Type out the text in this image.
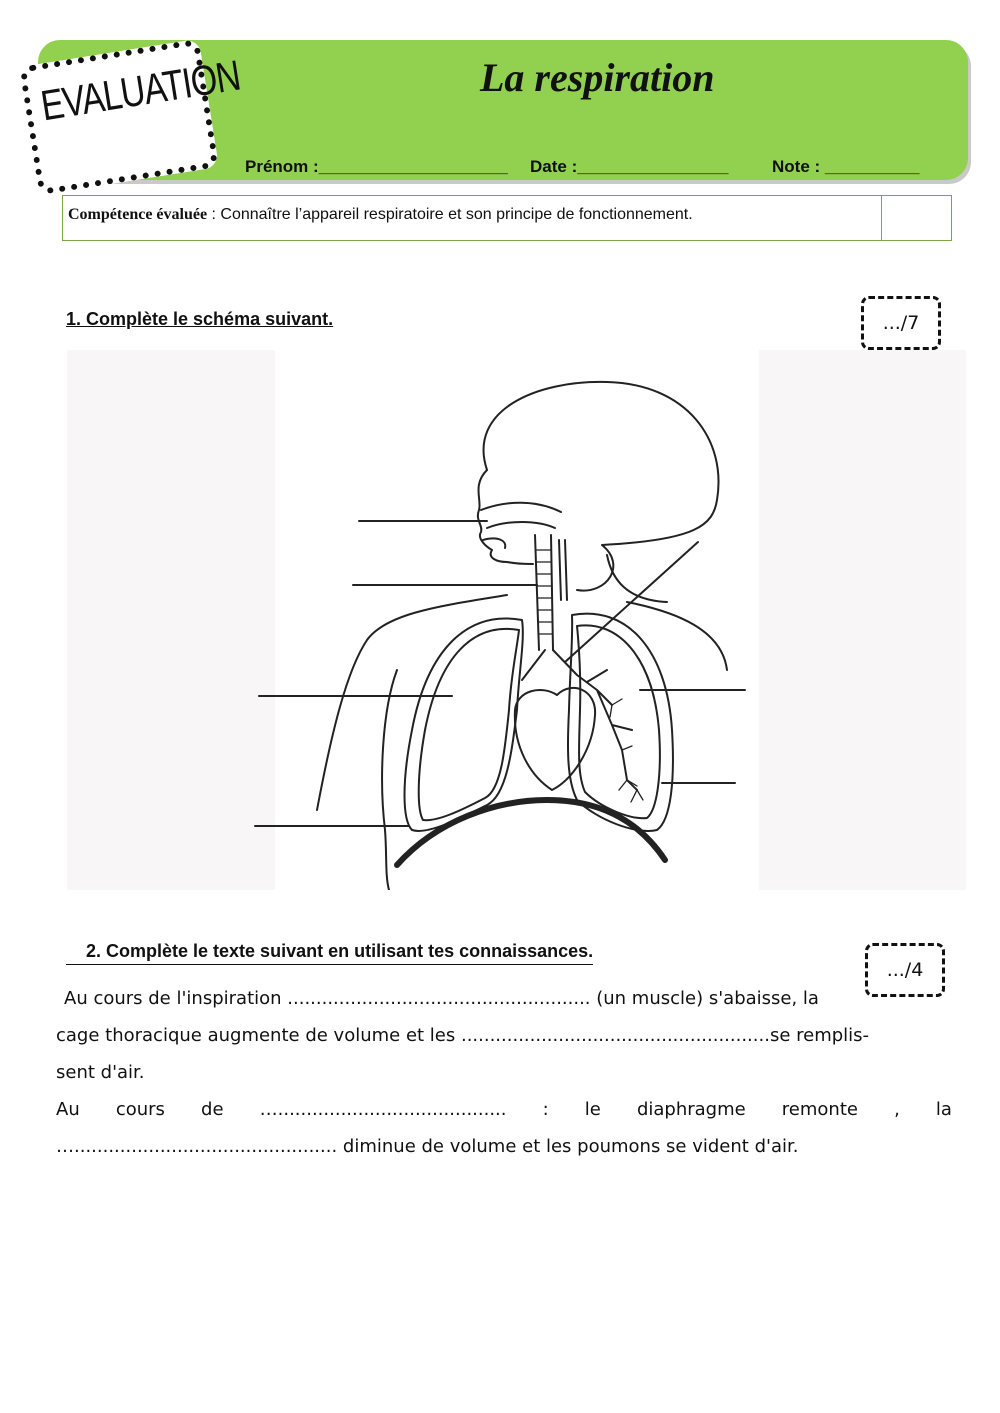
La respiration
EVALUATION
Prénom :____________________ Date :________________	Note : __________
Compétence évaluée : Connaître l’appareil respiratoire et son principe de fonctionnement.
1. Complète le schéma suivant.	.../7
2. Complète le texte suivant en utilisant tes connaissances.
.../4
Au cours de l'inspiration ..................................................... (un muscle) s'abaisse, la
cage thoracique augmente de volume et les ......................................................se remplis-
sent d'air.
Au cours de …........................................ : le diaphragme remonte , la
….............................................. diminue de volume et les poumons se vident d'air.
